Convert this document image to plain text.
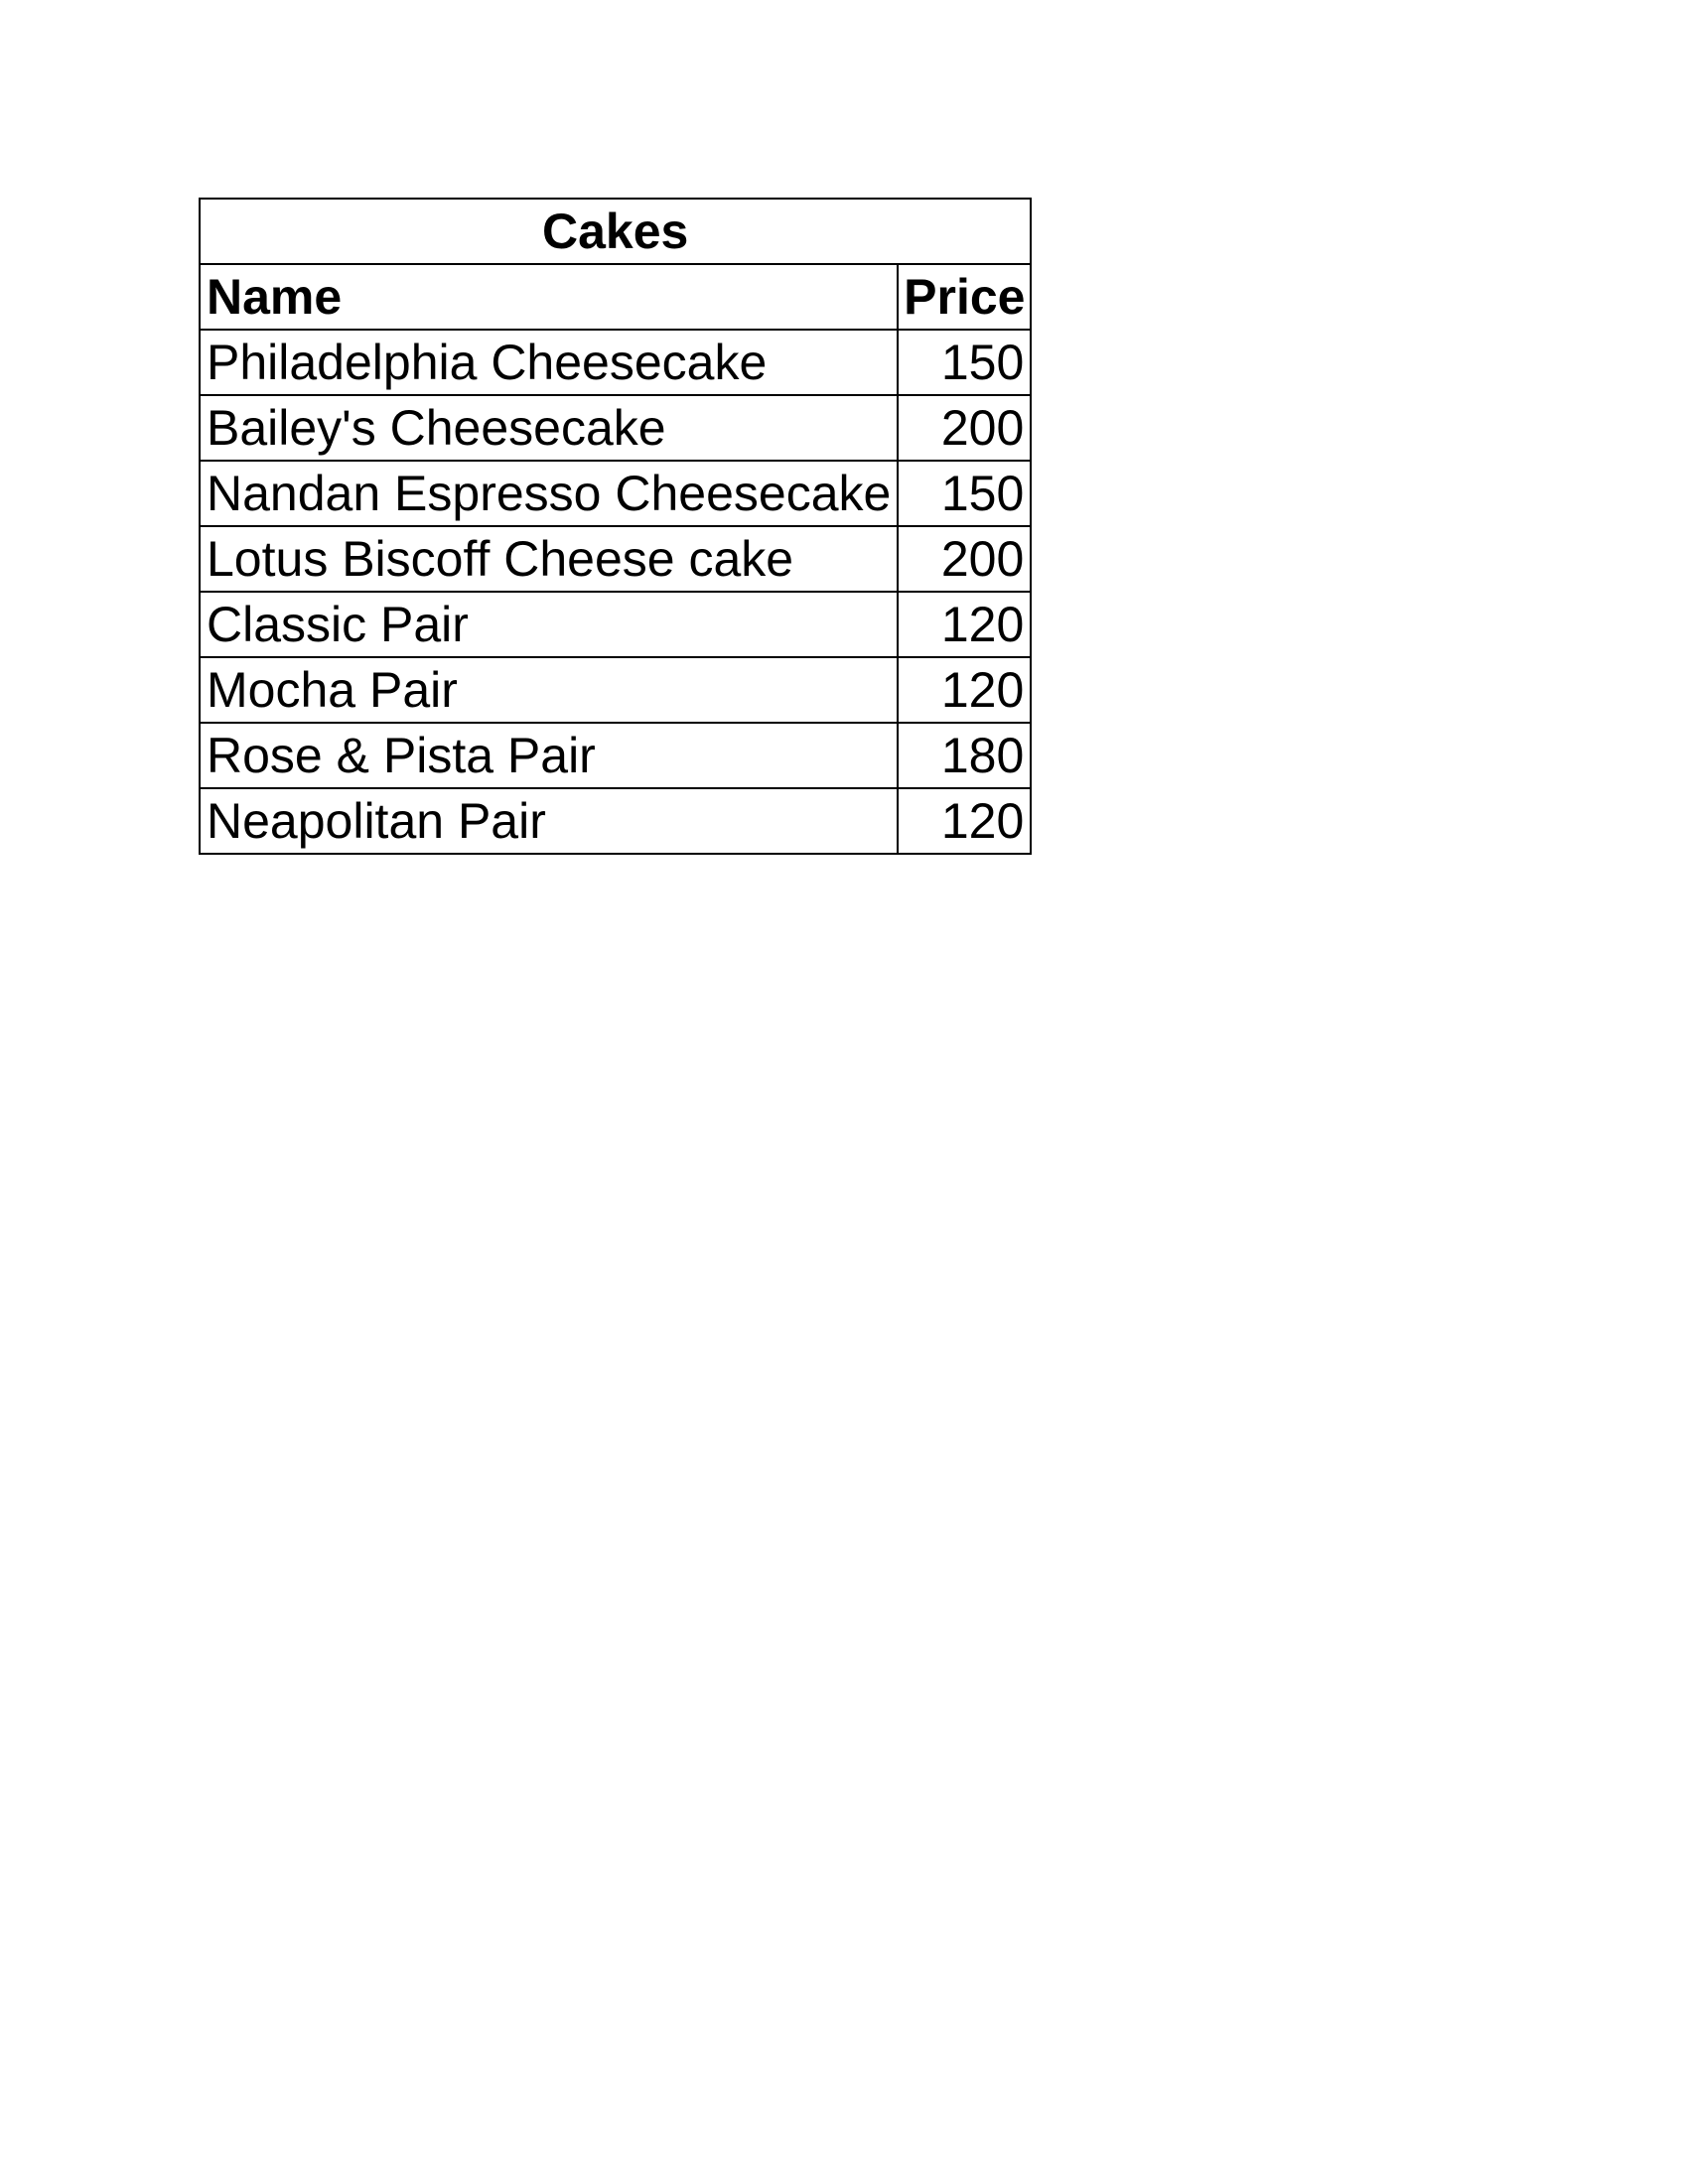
Cakes	
Name	Price
Philadelphia Cheesecake	150
Bailey's Cheesecake	200
Nandan Espresso Cheesecake	150
Lotus Biscoff Cheese cake	200
Classic Pair	120
Mocha Pair	120
Rose & Pista Pair	180
Neapolitan Pair	120
